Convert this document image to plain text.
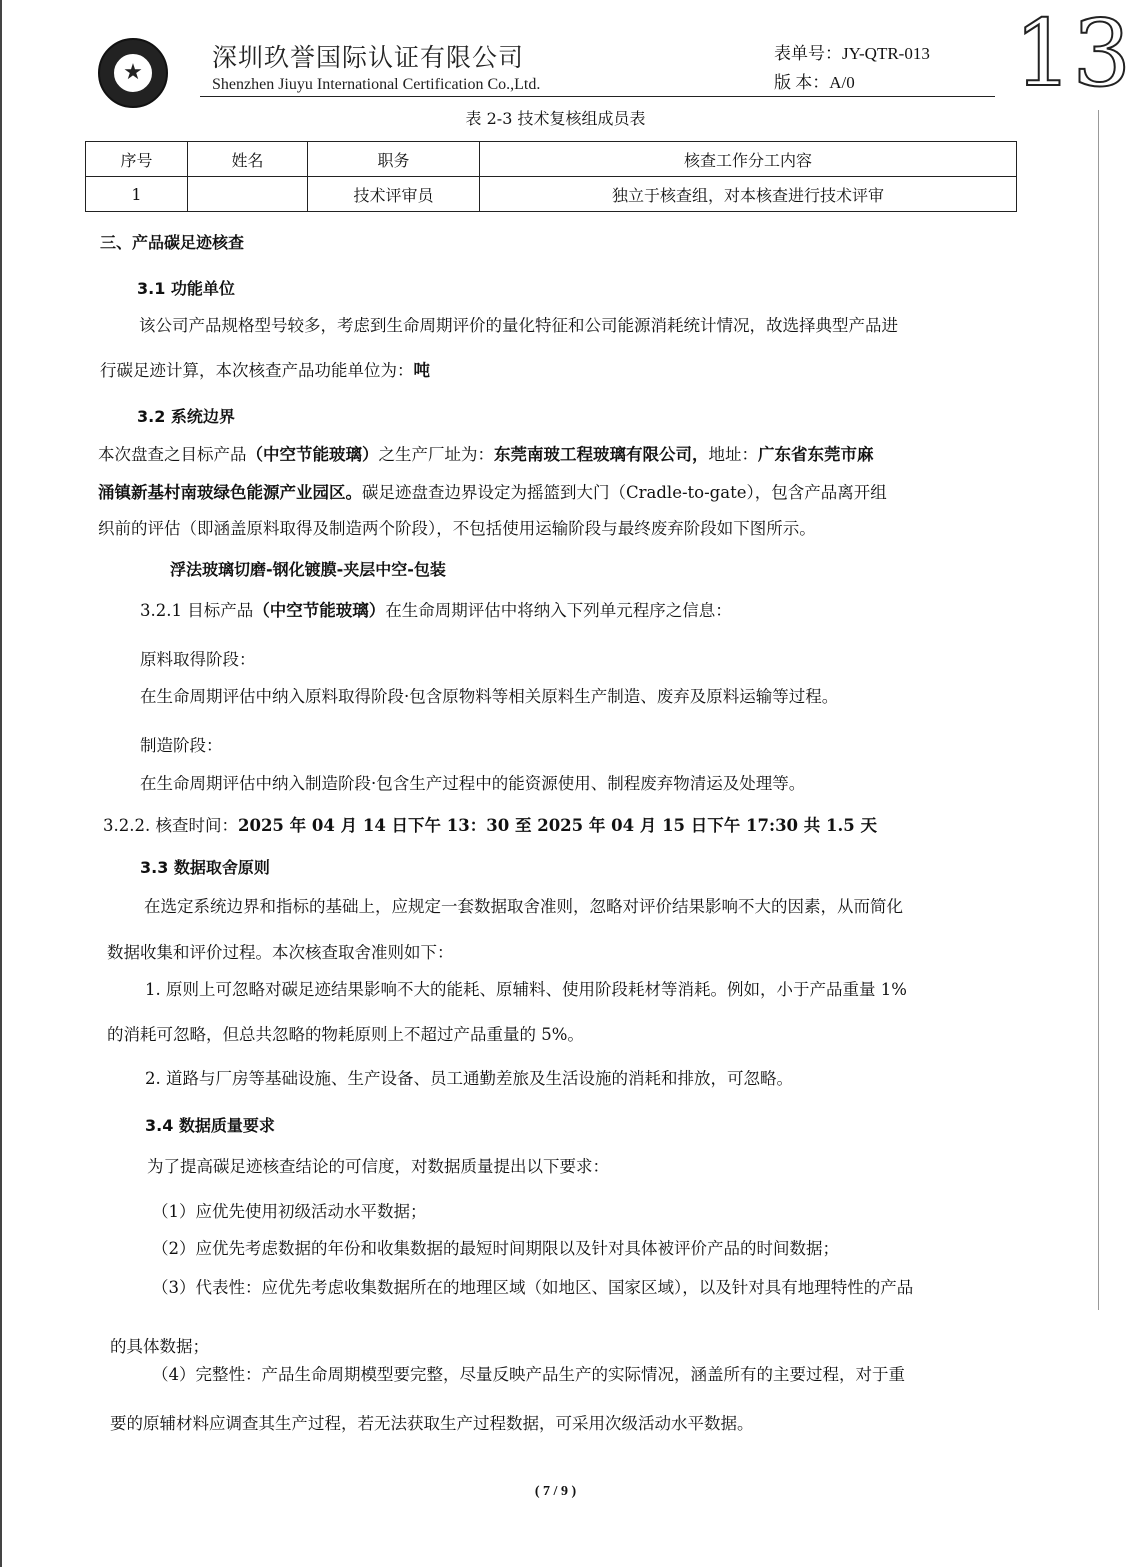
★
深圳玖誉国际认证有限公司
Shenzhen Jiuyu International Certification Co.,Ltd.
表单号：JY-QTR-013
版 本：A/0 13
表 2-3 技术复核组成员表
序号	姓名	职务	核查工作分工内容
1		技术评审员	独立于核查组，对本核查进行技术评审
三、产品碳足迹核查
3.1 功能单位
该公司产品规格型号较多，考虑到生命周期评价的量化特征和公司能源消耗统计情况，故选择典型产品进
行碳足迹计算，本次核查产品功能单位为：吨
3.2 系统边界
本次盘查之目标产品（中空节能玻璃）之生产厂址为：东莞南玻工程玻璃有限公司，地址：广东省东莞市麻
涌镇新基村南玻绿色能源产业园区。碳足迹盘查边界设定为摇篮到大门（Cradle-to-gate），包含产品离开组
织前的评估（即涵盖原料取得及制造两个阶段），不包括使用运输阶段与最终废弃阶段如下图所示。
浮法玻璃切磨-钢化镀膜-夹层中空-包装
3.2.1 目标产品（中空节能玻璃）在生命周期评估中将纳入下列单元程序之信息：
原料取得阶段：
在生命周期评估中纳入原料取得阶段·包含原物料等相关原料生产制造、废弃及原料运输等过程。
制造阶段：
在生命周期评估中纳入制造阶段·包含生产过程中的能资源使用、制程废弃物清运及处理等。
3.2.2. 核查时间：2025 年 04 月 14 日下午 13：30 至 2025 年 04 月 15 日下午 17:30 共 1.5 天
3.3 数据取舍原则
在选定系统边界和指标的基础上，应规定一套数据取舍准则，忽略对评价结果影响不大的因素，从而简化
数据收集和评价过程。本次核查取舍准则如下：
1. 原则上可忽略对碳足迹结果影响不大的能耗、原辅料、使用阶段耗材等消耗。例如，小于产品重量 1%
的消耗可忽略，但总共忽略的物耗原则上不超过产品重量的 5%。
2. 道路与厂房等基础设施、生产设备、员工通勤差旅及生活设施的消耗和排放，可忽略。
3.4 数据质量要求
为了提高碳足迹核查结论的可信度，对数据质量提出以下要求：
（1）应优先使用初级活动水平数据；
（2）应优先考虑数据的年份和收集数据的最短时间期限以及针对具体被评价产品的时间数据；
（3）代表性：应优先考虑收集数据所在的地理区域（如地区、国家区域），以及针对具有地理特性的产品
的具体数据；
（4）完整性：产品生命周期模型要完整，尽量反映产品生产的实际情况，涵盖所有的主要过程，对于重
要的原辅材料应调查其生产过程，若无法获取生产过程数据，可采用次级活动水平数据。
( 7 / 9 )
